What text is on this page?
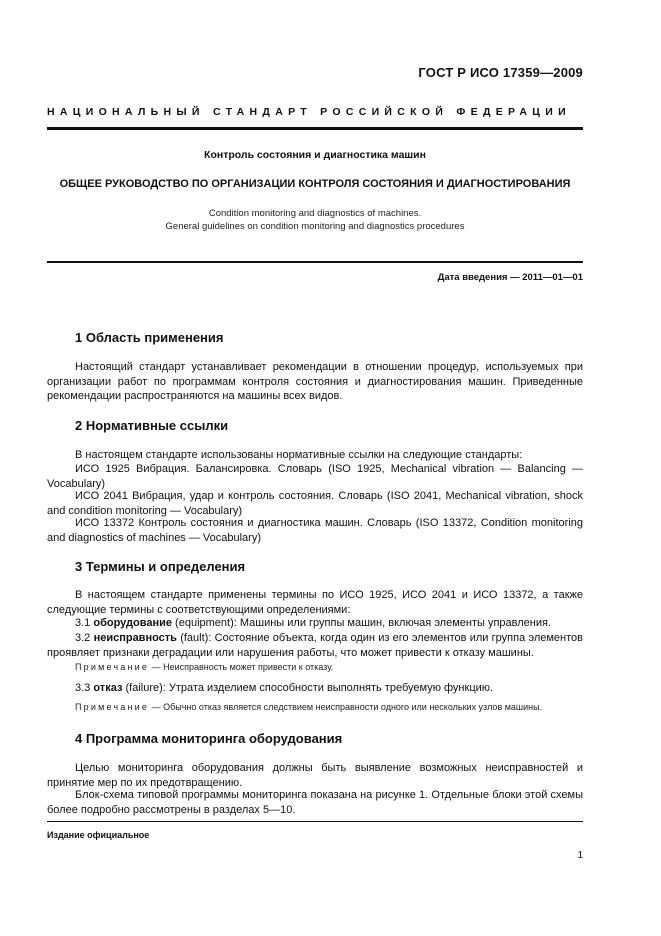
ГОСТ Р ИСО 17359—2009
НАЦИОНАЛЬНЫЙ СТАНДАРТ РОССИЙСКОЙ ФЕДЕРАЦИИ
Контроль состояния и диагностика машин
ОБЩЕЕ РУКОВОДСТВО ПО ОРГАНИЗАЦИИ КОНТРОЛЯ СОСТОЯНИЯ И ДИАГНОСТИРОВАНИЯ
Condition monitoring and diagnostics of machines.
General guidelines on condition monitoring and diagnostics procedures
Дата введения — 2011—01—01
1 Область применения
Настоящий стандарт устанавливает рекомендации в отношении процедур, используемых при организации работ по программам контроля состояния и диагностирования машин. Приведенные рекомендации распространяются на машины всех видов.
2 Нормативные ссылки
В настоящем стандарте использованы нормативные ссылки на следующие стандарты:
ИСО 1925 Вибрация. Балансировка. Словарь (ISO 1925, Mechanical vibration — Balancing — Vocabulary)
ИСО 2041 Вибрация, удар и контроль состояния. Словарь (ISO 2041, Mechanical vibration, shock and condition monitoring — Vocabulary)
ИСО 13372 Контроль состояния и диагностика машин. Словарь (ISO 13372, Condition monitoring and diagnostics of machines — Vocabulary)
3 Термины и определения
В настоящем стандарте применены термины по ИСО 1925, ИСО 2041 и ИСО 13372, а также следующие термины с соответствующими определениями:
3.1 оборудование (equipment): Машины или группы машин, включая элементы управления.
3.2 неисправность (fault): Состояние объекта, когда один из его элементов или группа элементов проявляет признаки деградации или нарушения работы, что может привести к отказу машины.
Примечание — Неисправность может привести к отказу.
3.3 отказ (failure): Утрата изделием способности выполнять требуемую функцию.
Примечание — Обычно отказ является следствием неисправности одного или нескольких узлов машины.
4 Программа мониторинга оборудования
Целью мониторинга оборудования должны быть выявление возможных неисправностей и принятие мер по их предотвращению.
Блок-схема типовой программы мониторинга показана на рисунке 1. Отдельные блоки этой схемы более подробно рассмотрены в разделах 5—10.
Издание официальное
1
